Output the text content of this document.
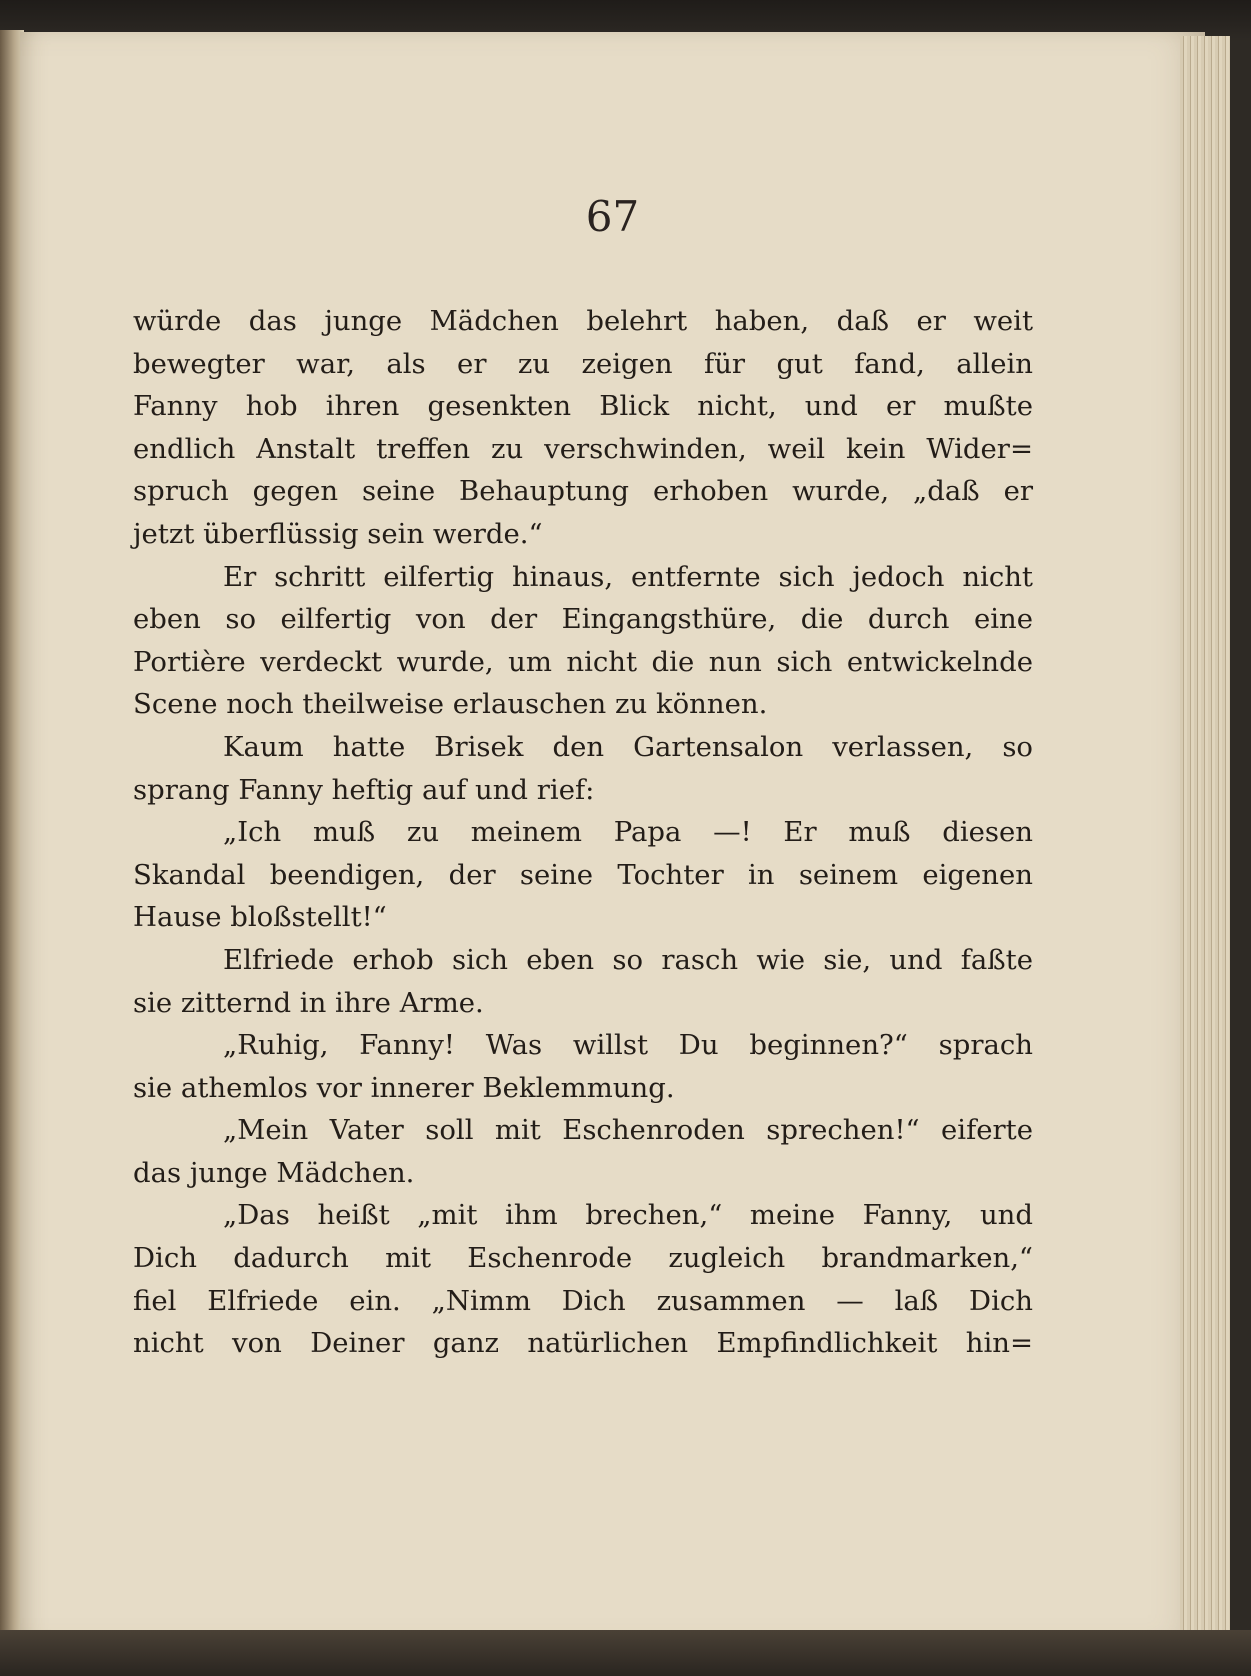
67
würde das junge Mädchen belehrt haben, daß er weit
bewegter war, als er zu zeigen für gut fand, allein
Fanny hob ihren gesenkten Blick nicht, und er mußte
endlich Anstalt treffen zu verschwinden, weil kein Wider=
spruch gegen seine Behauptung erhoben wurde, „daß er
jetzt überflüssig sein werde.“
Er schritt eilfertig hinaus, entfernte sich jedoch nicht
eben so eilfertig von der Eingangsthüre, die durch eine
Portière verdeckt wurde, um nicht die nun sich entwickelnde
Scene noch theilweise erlauschen zu können.
Kaum hatte Brisek den Gartensalon verlassen, so
sprang Fanny heftig auf und rief:
„Ich muß zu meinem Papa —! Er muß diesen
Skandal beendigen, der seine Tochter in seinem eigenen
Hause bloßstellt!“
Elfriede erhob sich eben so rasch wie sie, und faßte
sie zitternd in ihre Arme.
„Ruhig, Fanny! Was willst Du beginnen?“ sprach
sie athemlos vor innerer Beklemmung.
„Mein Vater soll mit Eschenroden sprechen!“ eiferte
das junge Mädchen.
„Das heißt „mit ihm brechen,“ meine Fanny, und
Dich dadurch mit Eschenrode zugleich brandmarken,“
fiel Elfriede ein. „Nimm Dich zusammen — laß Dich
nicht von Deiner ganz natürlichen Empfindlichkeit hin=
